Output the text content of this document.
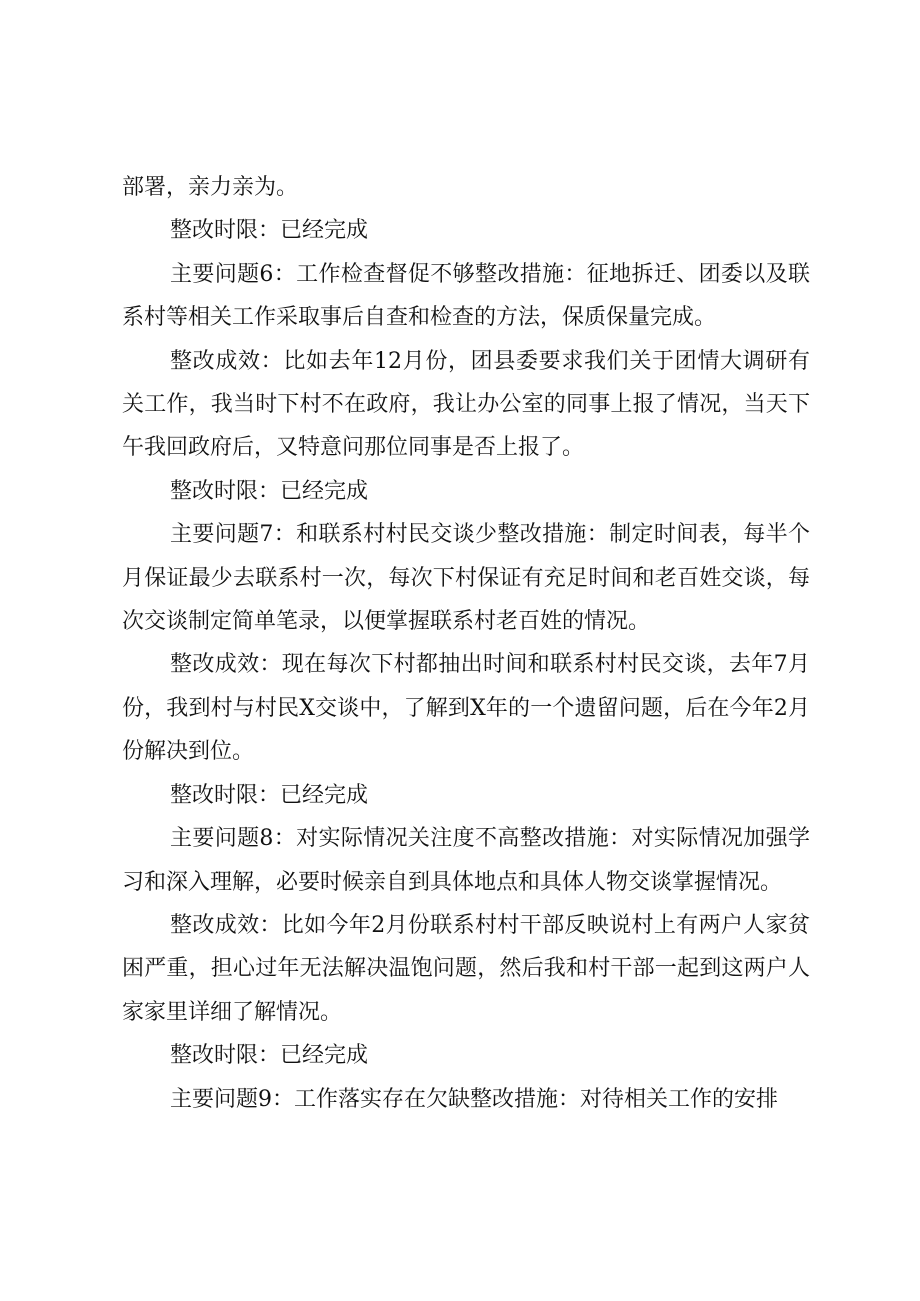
部署，亲力亲为。

整改时限：已经完成

主要问题6：工作检查督促不够整改措施：征地拆迁、团委以及联系村等相关工作采取事后自查和检查的方法，保质保量完成。

整改成效：比如去年12月份，团县委要求我们关于团情大调研有关工作，我当时下村不在政府，我让办公室的同事上报了情况，当天下午我回政府后，又特意问那位同事是否上报了。

整改时限：已经完成

主要问题7：和联系村村民交谈少整改措施：制定时间表，每半个月保证最少去联系村一次，每次下村保证有充足时间和老百姓交谈，每次交谈制定简单笔录，以便掌握联系村老百姓的情况。

整改成效：现在每次下村都抽出时间和联系村村民交谈，去年7月份，我到村与村民X交谈中，了解到X年的一个遗留问题，后在今年2月份解决到位。

整改时限：已经完成

主要问题8：对实际情况关注度不高整改措施：对实际情况加强学习和深入理解，必要时候亲自到具体地点和具体人物交谈掌握情况。

整改成效：比如今年2月份联系村村干部反映说村上有两户人家贫困严重，担心过年无法解决温饱问题，然后我和村干部一起到这两户人家家里详细了解情况。

整改时限：已经完成

主要问题9：工作落实存在欠缺整改措施：对待相关工作的安排
